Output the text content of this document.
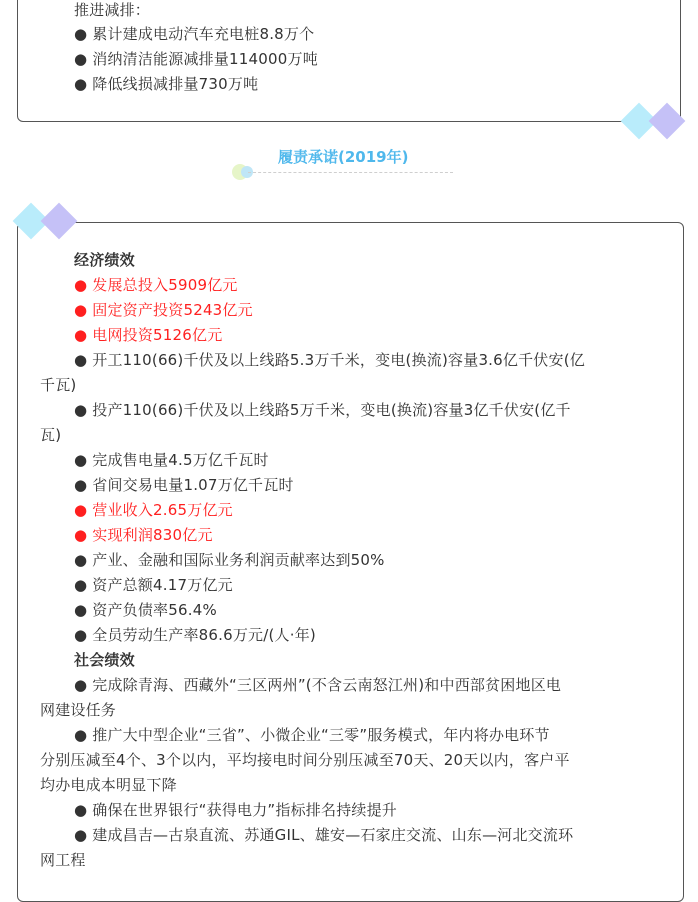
推进减排：
● 累计建成电动汽车充电桩8.8万个
● 消纳清洁能源减排量114000万吨
● 降低线损减排量730万吨
履责承诺(2019年)
经济绩效
● 发展总投入5909亿元
● 固定资产投资5243亿元
● 电网投资5126亿元
● 开工110(66)千伏及以上线路5.3万千米，变电(换流)容量3.6亿千伏安(亿
千瓦)
● 投产110(66)千伏及以上线路5万千米，变电(换流)容量3亿千伏安(亿千
瓦)
● 完成售电量4.5万亿千瓦时
● 省间交易电量1.07万亿千瓦时
● 营业收入2.65万亿元
● 实现利润830亿元
● 产业、金融和国际业务利润贡献率达到50%
● 资产总额4.17万亿元
● 资产负债率56.4%
● 全员劳动生产率86.6万元/(人·年)
社会绩效
● 完成除青海、西藏外“三区两州”(不含云南怒江州)和中西部贫困地区电
网建设任务
● 推广大中型企业“三省”、小微企业“三零”服务模式，年内将办电环节
分别压减至4个、3个以内，平均接电时间分别压减至70天、20天以内，客户平
均办电成本明显下降
● 确保在世界银行“获得电力”指标排名持续提升
● 建成昌吉—古泉直流、苏通GIL、雄安—石家庄交流、山东—河北交流环
网工程
